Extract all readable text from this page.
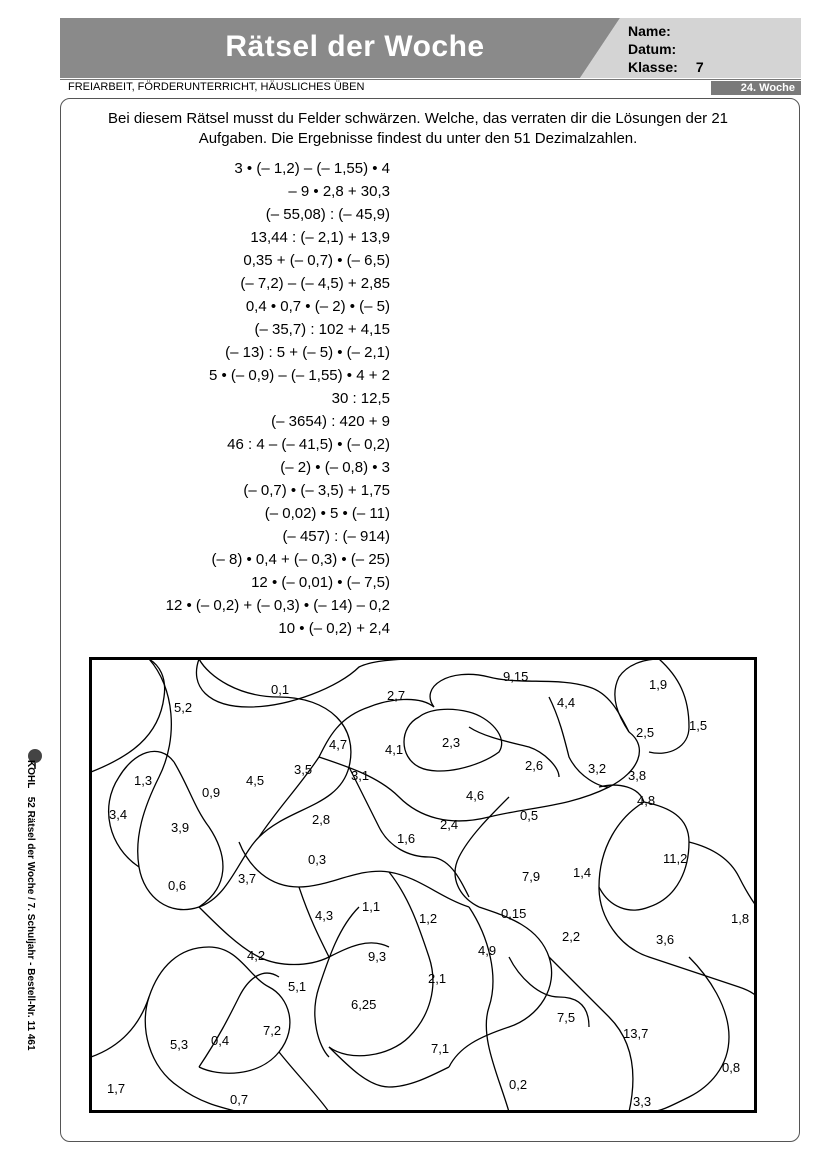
Rätsel der Woche	Name:
Datum:
Klasse: 7
FREIARBEIT, FÖRDERUNTERRICHT, HÄUSLICHES ÜBEN	24. Woche
Bei diesem Rätsel musst du Felder schwärzen. Welche, das verraten dir die Lösungen der 21 Aufgaben. Die Ergebnisse findest du unter den 51 Dezimalzahlen.
3 • (– 1,2) – (– 1,55) • 4
– 9 • 2,8 + 30,3
(– 55,08) : (– 45,9)
13,44 : (– 2,1) + 13,9
0,35 + (– 0,7) • (– 6,5)
(– 7,2) – (– 4,5) + 2,85
0,4 • 0,7 • (– 2) • (– 5)
(– 35,7) : 102 + 4,15
(– 13) : 5 + (– 5) • (– 2,1)
5 • (– 0,9) – (– 1,55) • 4 + 2
30 : 12,5
(– 3654) : 420 + 9
46 : 4 – (– 41,5) • (– 0,2)
(– 2) • (– 0,8) • 3
(– 0,7) • (– 3,5) + 1,75
(– 0,02) • 5 • (– 11)
(– 457) : (– 914)
(– 8) • 0,4 + (– 0,3) • (– 25)
12 • (– 0,01) • (– 7,5)
12 • (– 0,2) + (– 0,3) • (– 14) – 0,2
10 • (– 0,2) + 2,4
KOHL   52 Rätsel der Woche / 7. Schuljahr - Bestell-Nr. 11 461
5,2
0,1	2,7
9,15
4,4
1,9
2,5	1,5
4,7	4,1	2,3
1,3
0,9
4,5
3,5	3,1
2,6	3,2 3,8
4,6	4,8
3,4
3,9
2,8	2,4
0,5
1,6
0,3	11,2
0,6	3,7	7,9	1,4
4,3
1,1
1,2	0,15	1,8
2,2	3,6
4,2	9,3	4,9
5,1
2,1
6,25
7,5
13,7
7,2
5,3 0,4
7,1
0,8
1,7
0,7
0,2
3,3
